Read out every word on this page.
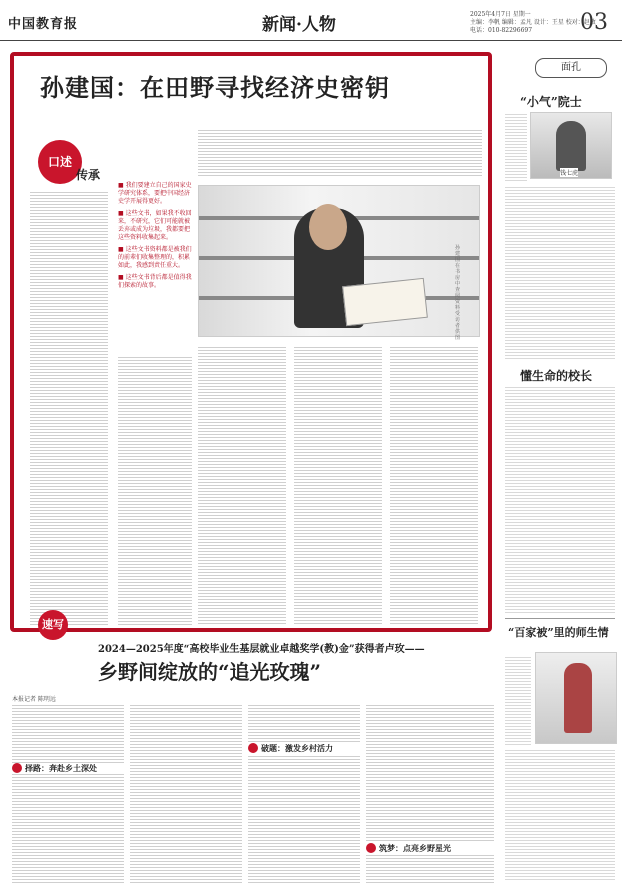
中国教育报	新闻·人物
2025年4月7日 星期一
主编：李帆 编辑：孟凡 设计：王星 校对：赵敏
电话：010-82296697	03
孙建国：在田野寻找经济史密钥
口述
传承
■ 我们要建立自己的国家史学研究体系，要把中国经济史学开展得更好。
■ 这些文书，如果我不收回来，不研究，它们可能就被丢弃或成为垃圾，我都要把这些资料收集起来。
■ 这些文书资料都是被我们的前辈们收集整理的，积累如此，我感到责任重大。
■ 这些文书背后都是值得我们探索的故事。
孙建国在书房中查阅资料 受访者供图
面孔
“小气”院士
钱七虎
懂生命的校长
“百家被”里的师生情
速写
2024—2025年度“高校毕业生基层就业卓越奖学(教)金”获得者卢玫——
乡野间绽放的“追光玫瑰”
本报记者 陈明远
择路：奔赴乡土深处
破题：激发乡村活力
筑梦：点亮乡野星光
